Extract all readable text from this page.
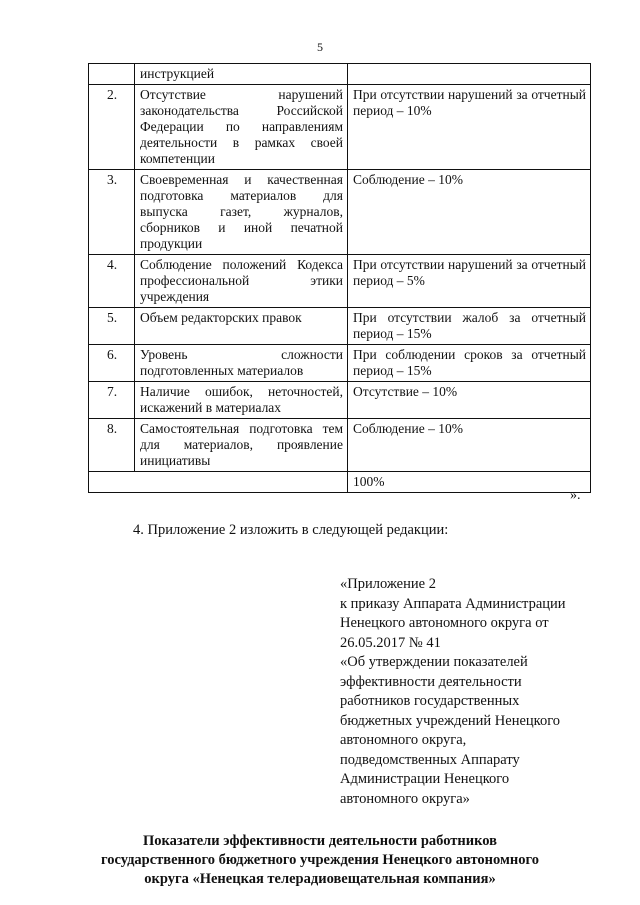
5
	инструкцией	
2.	Отсутствие нарушений законодательства Российской Федерации по направлениям деятельности в рамках своей компетенции	При отсутствии нарушений за отчетный период – 10%
3.	Своевременная и качественная подготовка материалов для выпуска газет, журналов, сборников и иной печатной продукции	Соблюдение – 10%
4.	Соблюдение положений Кодекса профессиональной этики учреждения	При отсутствии нарушений за отчетный период – 5%
5.	Объем редакторских правок	При отсутствии жалоб за отчетный период – 15%
6.	Уровень сложности подготовленных материалов	При соблюдении сроков за отчетный период – 15%
7.	Наличие ошибок, неточностей, искажений в материалах	Отсутствие – 10%
8.	Самостоятельная подготовка тем для материалов, проявление инициативы	Соблюдение – 10%
		100%
».
4. Приложение 2 изложить в следующей редакции:
«Приложение 2
к приказу Аппарата Администрации
Ненецкого автономного округа от
26.05.2017 № 41
«Об утверждении показателей
эффективности деятельности
работников государственных
бюджетных учреждений Ненецкого
автономного округа,
подведомственных Аппарату
Администрации Ненецкого
автономного округа»
Показатели эффективности деятельности работников
государственного бюджетного учреждения Ненецкого автономного
округа «Ненецкая телерадиовещательная компания»
